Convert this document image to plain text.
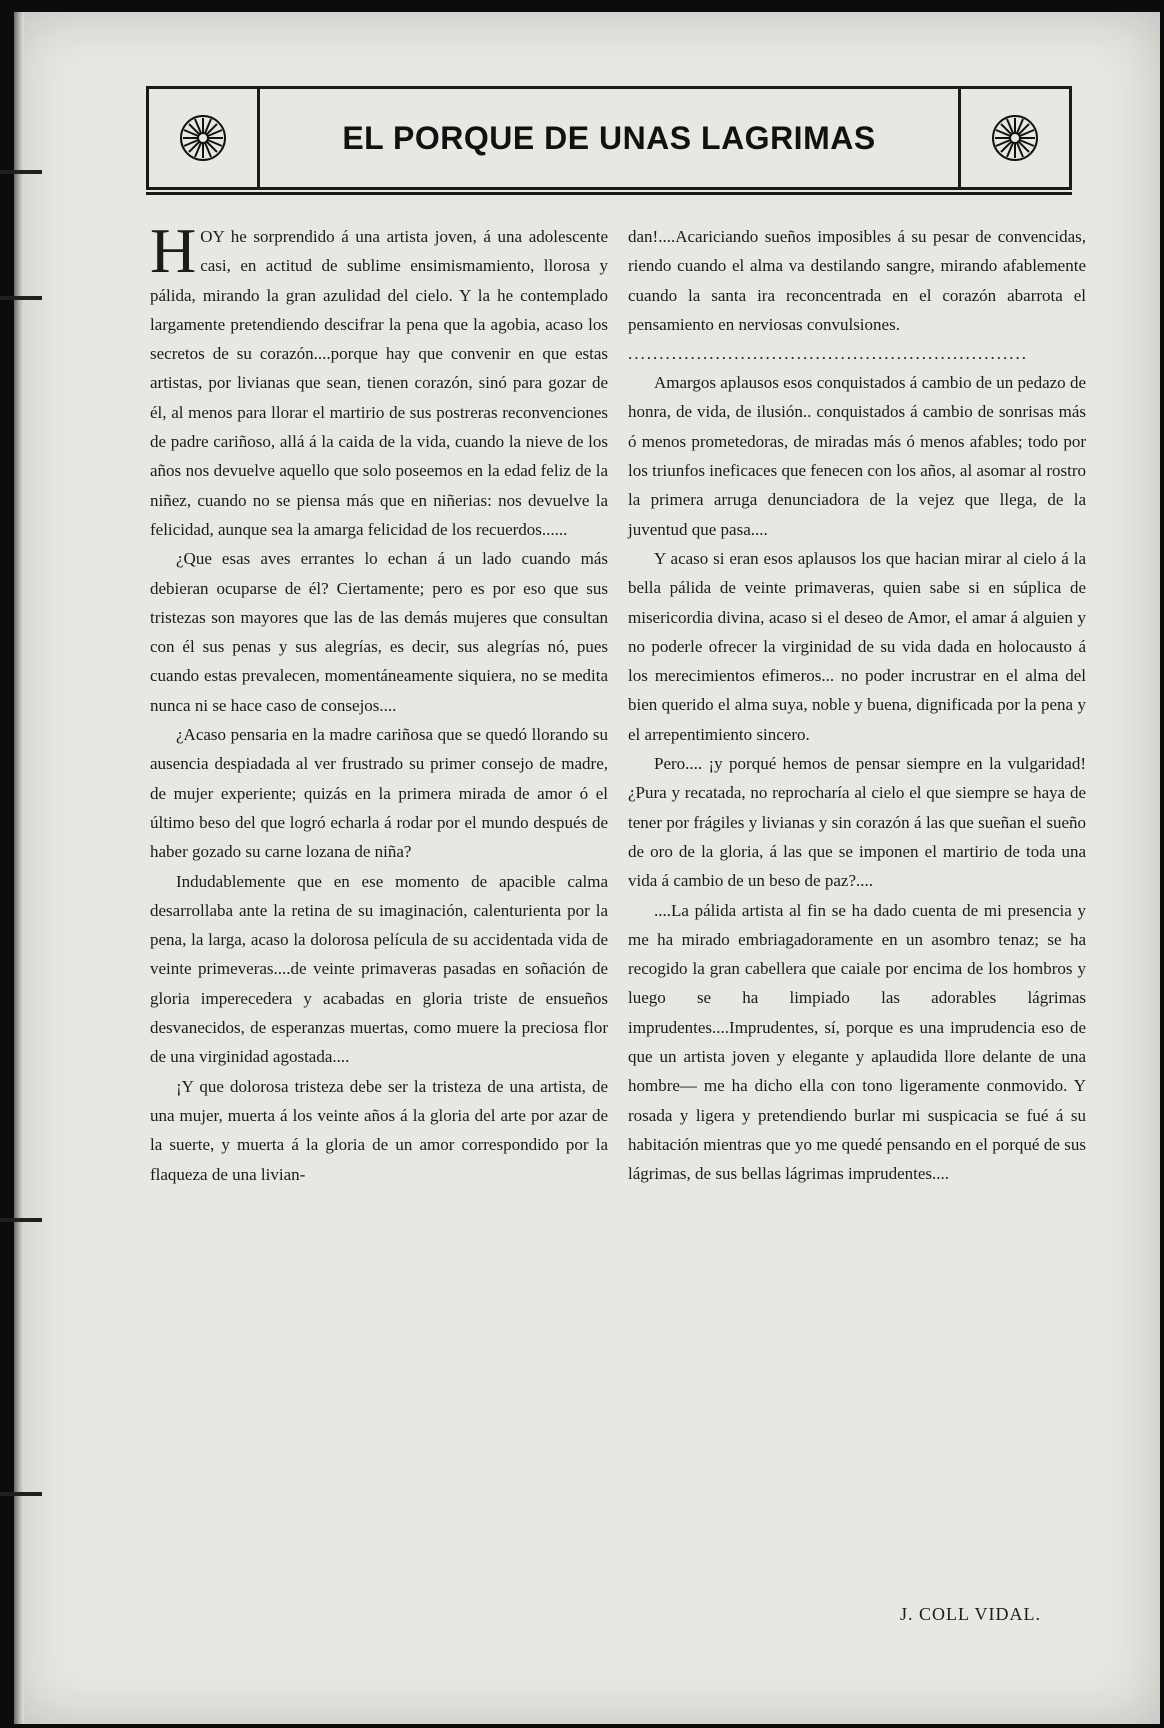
EL PORQUE DE UNAS LAGRIMAS

HOY he sorprendido á una artista joven, á una adolescente casi, en actitud de sublime ensimismamiento, llorosa y pálida, mirando la gran azulidad del cielo. Y la he contemplado largamente pretendiendo descifrar la pena que la agobia, acaso los secretos de su corazón....porque hay que convenir en que estas artistas, por livianas que sean, tienen corazón, sinó para gozar de él, al menos para llorar el martirio de sus postreras reconvenciones de padre cariñoso, allá á la caida de la vida, cuando la nieve de los años nos devuelve aquello que solo poseemos en la edad feliz de la niñez, cuando no se piensa más que en niñerias: nos devuelve la felicidad, aunque sea la amarga felicidad de los recuerdos......

¿Que esas aves errantes lo echan á un lado cuando más debieran ocuparse de él? Ciertamente; pero es por eso que sus tristezas son mayores que las de las demás mujeres que consultan con él sus penas y sus alegrías, es decir, sus alegrías nó, pues cuando estas prevalecen, momentáneamente siquiera, no se medita nunca ni se hace caso de consejos....

¿Acaso pensaria en la madre cariñosa que se quedó llorando su ausencia despiadada al ver frustrado su primer consejo de madre, de mujer experiente; quizás en la primera mirada de amor ó el último beso del que logró echarla á rodar por el mundo después de haber gozado su carne lozana de niña?

Indudablemente que en ese momento de apacible calma desarrollaba ante la retina de su imaginación, calenturienta por la pena, la larga, acaso la dolorosa película de su accidentada vida de veinte primeveras....de veinte primaveras pasadas en soñación de gloria imperecedera y acabadas en gloria triste de ensueños desvanecidos, de esperanzas muertas, como muere la preciosa flor de una virginidad agostada....

¡Y que dolorosa tristeza debe ser la tristeza de una artista, de una mujer, muerta á los veinte años á la gloria del arte por azar de la suerte, y muerta á la gloria de un amor correspondido por la flaqueza de una livian-

dan!....Acariciando sueños imposibles á su pesar de convencidas, riendo cuando el alma va destilando sangre, mirando afablemente cuando la santa ira reconcentrada en el corazón abarrota el pensamiento en nerviosas convulsiones.

................................................................

Amargos aplausos esos conquistados á cambio de un pedazo de honra, de vida, de ilusión.. conquistados á cambio de sonrisas más ó menos prometedoras, de miradas más ó menos afables; todo por los triunfos ineficaces que fenecen con los años, al asomar al rostro la primera arruga denunciadora de la vejez que llega, de la juventud que pasa....

Y acaso si eran esos aplausos los que hacian mirar al cielo á la bella pálida de veinte primaveras, quien sabe si en súplica de misericordia divina, acaso si el deseo de Amor, el amar á alguien y no poderle ofrecer la virginidad de su vida dada en holocausto á los merecimientos efimeros... no poder incrustrar en el alma del bien querido el alma suya, noble y buena, dignificada por la pena y el arrepentimiento sincero.

Pero.... ¡y porqué hemos de pensar siempre en la vulgaridad! ¿Pura y recatada, no reprocharía al cielo el que siempre se haya de tener por frágiles y livianas y sin corazón á las que sueñan el sueño de oro de la gloria, á las que se imponen el martirio de toda una vida á cambio de un beso de paz?....

....La pálida artista al fin se ha dado cuenta de mi presencia y me ha mirado embriagadoramente en un asombro tenaz; se ha recogido la gran cabellera que caiale por encima de los hombros y luego se ha limpiado las adorables lágrimas imprudentes....Imprudentes, sí, porque es una imprudencia eso de que un artista joven y elegante y aplaudida llore delante de una hombre— me ha dicho ella con tono ligeramente conmovido. Y rosada y ligera y pretendiendo burlar mi suspicacia se fué á su habitación mientras que yo me quedé pensando en el porqué de sus lágrimas, de sus bellas lágrimas imprudentes....

J. COLL VIDAL.
